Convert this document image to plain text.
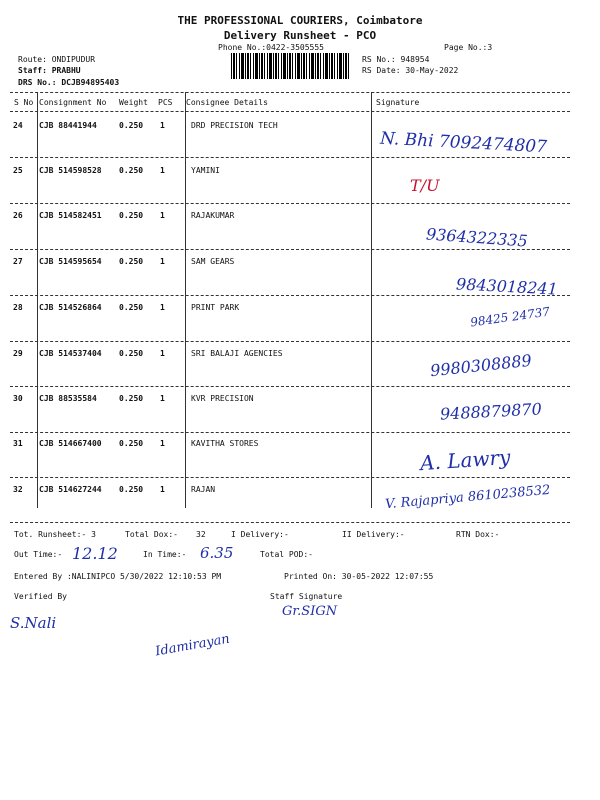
THE PROFESSIONAL COURIERS, Coimbatore
Delivery Runsheet - PCO
Phone No.:0422-3505555	Page No.:3
Route: ONDIPUDUR
Staff: PRABHU
DRS No.: DCJB94895403
RS No.: 948954
RS Date: 30-May-2022
S No Consignment No Weight PCS Consignee Details	Signature
24 CJB 88441944	0.250 1	DRD PRECISION TECH
N. Bhi 7092474807
25 CJB 514598528 0.250 1	YAMINI
T/U
26 CJB 514582451 0.250 1	RAJAKUMAR
9364322335
27 CJB 514595654 0.250 1	SAM GEARS
9843018241
28 CJB 514526864 0.250 1	PRINT PARK	98425 24737
29 CJB 514537404 0.250 1	SRI BALAJI AGENCIES	9980308889
30 CJB 88535584	0.250 1	KVR PRECISION
9488879870
31 CJB 514667400 0.250 1	KAVITHA STORES
A. Lawry
32 CJB 514627244 0.250 1	RAJAN	V. Rajapriya 8610238532
Tot. Runsheet:- 3	Total Dox:- 32	I Delivery:-	II Delivery:-	RTN Dox:-
Out Time:- 12.12	In Time:- 6.35	Total POD:-
Entered By :NALINIPCO 5/30/2022 12:10:53 PM	Printed On: 30-05-2022 12:07:55
Verified By	Staff Signature
S.Nali
Gr.SIGN
Idamirayan
